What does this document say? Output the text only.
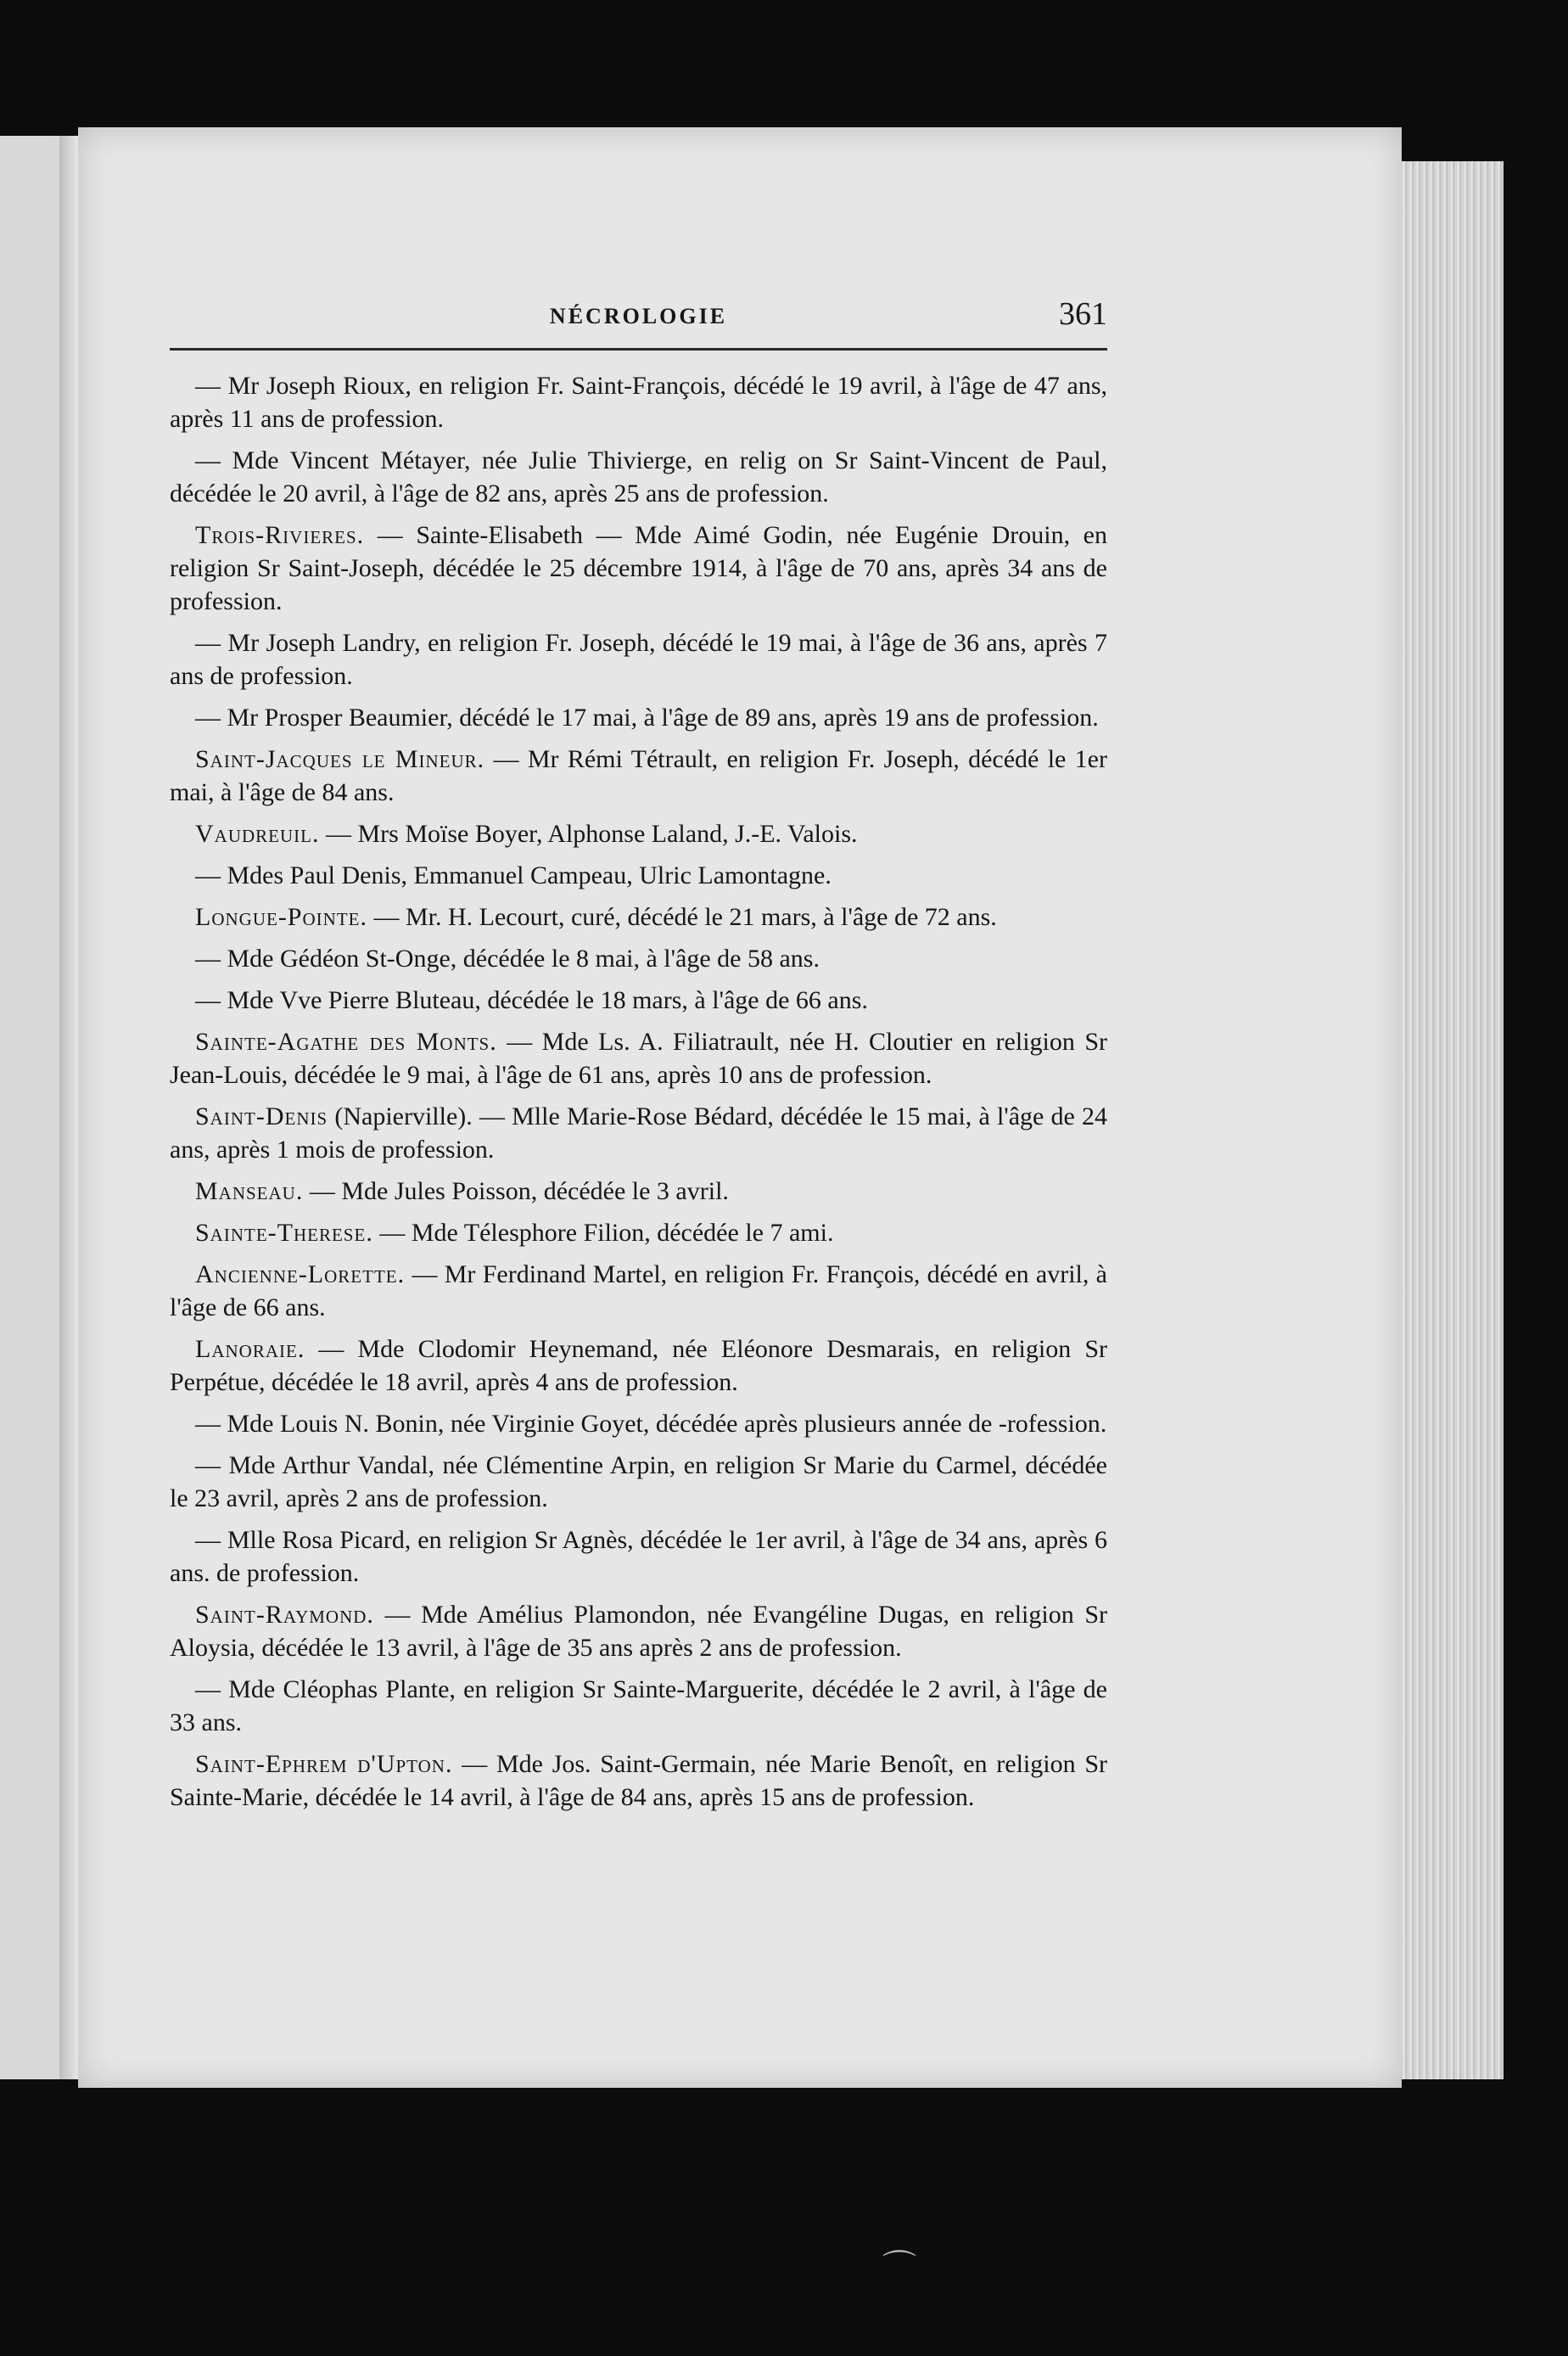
NÉCROLOGIE	361

— Mr Joseph Rioux, en religion Fr. Saint-François, décédé le 19 avril, à l'âge de 47 ans, après 11 ans de profession.

— Mde Vincent Métayer, née Julie Thivierge, en relig on Sr Saint-Vincent de Paul, décédée le 20 avril, à l'âge de 82 ans, après 25 ans de profession.

Trois-Rivieres. — Sainte-Elisabeth — Mde Aimé Godin, née Eugénie Drouin, en religion Sr Saint-Joseph, décédée le 25 décembre 1914, à l'âge de 70 ans, après 34 ans de profession.

— Mr Joseph Landry, en religion Fr. Joseph, décédé le 19 mai, à l'âge de 36 ans, après 7 ans de profession.

— Mr Prosper Beaumier, décédé le 17 mai, à l'âge de 89 ans, après 19 ans de profession.

Saint-Jacques le Mineur. — Mr Rémi Tétrault, en religion Fr. Joseph, décédé le 1er mai, à l'âge de 84 ans.

Vaudreuil. — Mrs Moïse Boyer, Alphonse Laland, J.-E. Valois.

— Mdes Paul Denis, Emmanuel Campeau, Ulric Lamontagne.

Longue-Pointe. — Mr. H. Lecourt, curé, décédé le 21 mars, à l'âge de 72 ans.

— Mde Gédéon St-Onge, décédée le 8 mai, à l'âge de 58 ans.

— Mde Vve Pierre Bluteau, décédée le 18 mars, à l'âge de 66 ans.

Sainte-Agathe des Monts. — Mde Ls. A. Filiatrault, née H. Cloutier en religion Sr Jean-Louis, décédée le 9 mai, à l'âge de 61 ans, après 10 ans de profession.

Saint-Denis (Napierville). — Mlle Marie-Rose Bédard, décédée le 15 mai, à l'âge de 24 ans, après 1 mois de profession.

Manseau. — Mde Jules Poisson, décédée le 3 avril.

Sainte-Therese. — Mde Télesphore Filion, décédée le 7 ami.

Ancienne-Lorette. — Mr Ferdinand Martel, en religion Fr. François, décédé en avril, à l'âge de 66 ans.

Lanoraie. — Mde Clodomir Heynemand, née Eléonore Desmarais, en religion Sr Perpétue, décédée le 18 avril, après 4 ans de profession.

— Mde Louis N. Bonin, née Virginie Goyet, décédée après plusieurs année de -rofession.

— Mde Arthur Vandal, née Clémentine Arpin, en religion Sr Marie du Carmel, décédée le 23 avril, après 2 ans de profession.

— Mlle Rosa Picard, en religion Sr Agnès, décédée le 1er avril, à l'âge de 34 ans, après 6 ans. de profession.

Saint-Raymond. — Mde Amélius Plamondon, née Evangéline Dugas, en religion Sr Aloysia, décédée le 13 avril, à l'âge de 35 ans après 2 ans de profession.

— Mde Cléophas Plante, en religion Sr Sainte-Marguerite, décédée le 2 avril, à l'âge de 33 ans.

Saint-Ephrem d'Upton. — Mde Jos. Saint-Germain, née Marie Benoît, en religion Sr Sainte-Marie, décédée le 14 avril, à l'âge de 84 ans, après 15 ans de profession.

⌒
